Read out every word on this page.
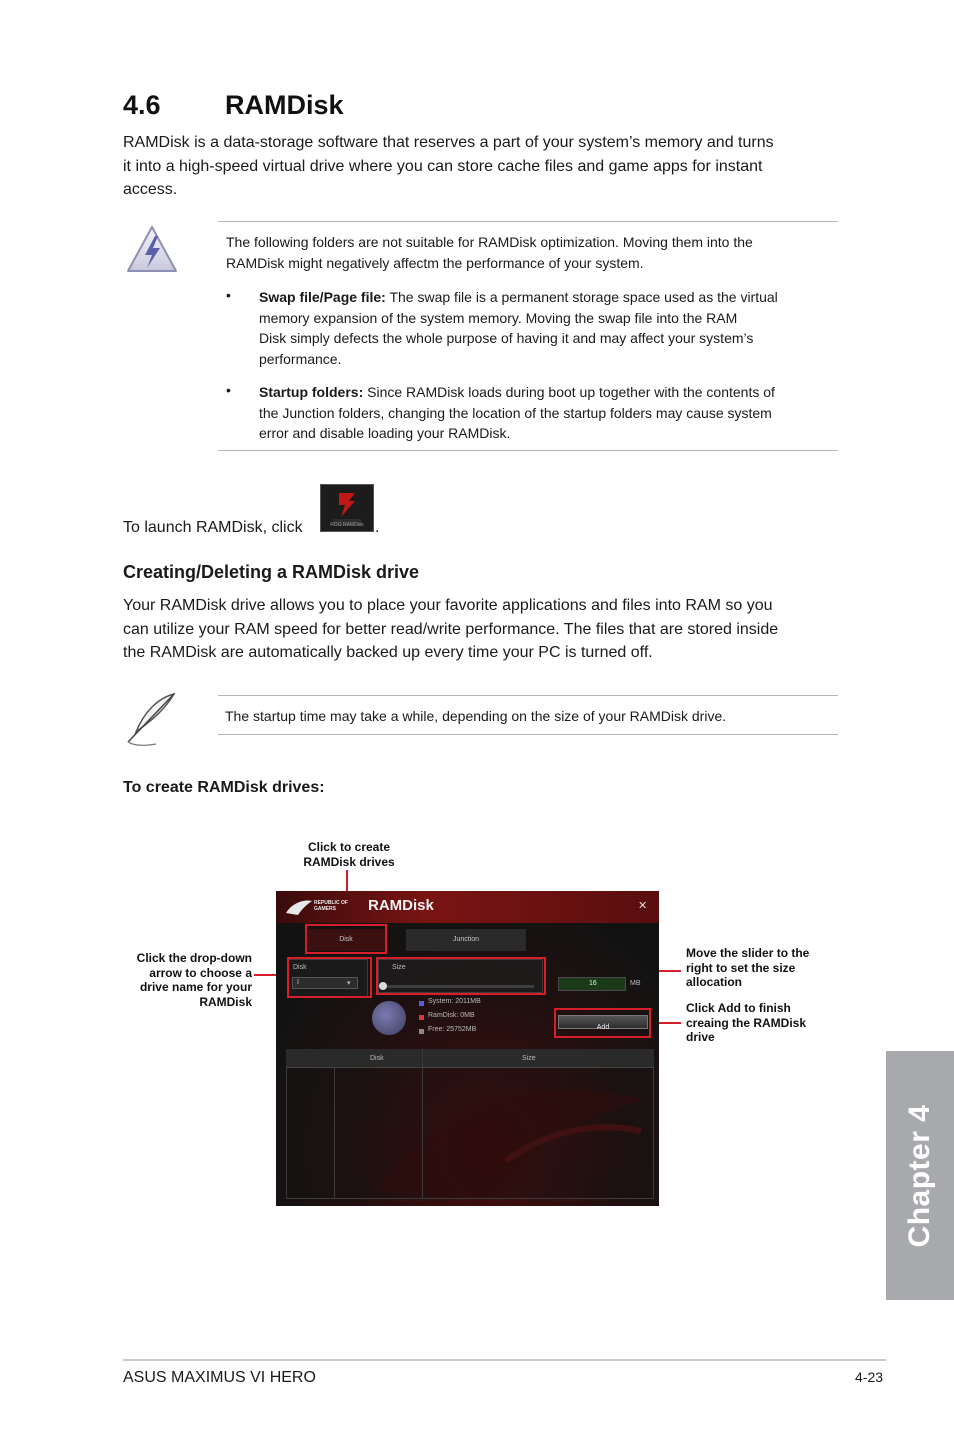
4.6 RAMDisk
RAMDisk is a data-storage software that reserves a part of your system’s memory and turns
it into a high-speed virtual drive where you can store cache files and game apps for instant
access.
The following folders are not suitable for RAMDisk optimization. Moving them into the
RAMDisk might negatively affectm the performance of your system.
• Swap file/Page file: The swap file is a permanent storage space used as the virtual
memory expansion of the system memory. Moving the swap file into the RAM
Disk simply defects the whole purpose of having it and may affect your system’s
performance.
• Startup folders: Since RAMDisk loads during boot up together with the contents of
the Junction folders, changing the location of the startup folders may cause system
error and disable loading your RAMDisk.
To launch RAMDisk, click	ROG RAMDisk .
Creating/Deleting a RAMDisk drive
Your RAMDisk drive allows you to place your favorite applications and files into RAM so you
can utilize your RAM speed for better read/write performance. The files that are stored inside
the RAMDisk are automatically backed up every time your PC is turned off.
The startup time may take a while, depending on the size of your RAMDisk drive.
To create RAMDisk drives:
Click to create
RAMDisk drives
Click the drop-down
arrow to choose a
drive name for your
RAMDisk
Move the slider to the
right to set the size
allocation
Click Add to finish
creaing the RAMDisk
drive
REPUBLIC OF
GAMERS	RAMDisk	✕
Disk	Junction
Disk
I	▾
Size
16	MB
System: 2011MB
RamDisk: 0MB
Free: 25752MB	Add
Disk	Size
Chapter 4
ASUS MAXIMUS VI HERO	4-23
